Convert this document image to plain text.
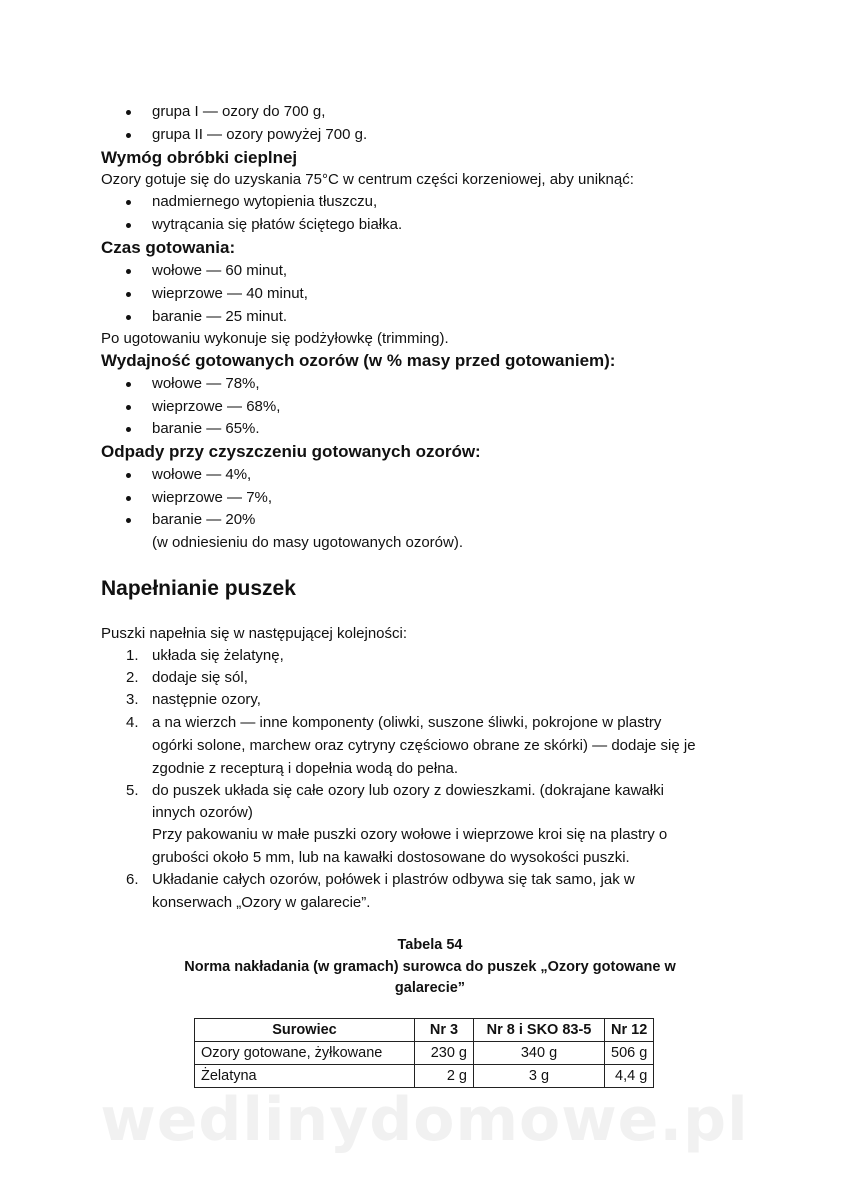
grupa I — ozory do 700 g,
grupa II — ozory powyżej 700 g.
Wymóg obróbki cieplnej
Ozory gotuje się do uzyskania 75°C w centrum części korzeniowej, aby uniknąć:
nadmiernego wytopienia tłuszczu,
wytrącania się płatów ściętego białka.
Czas gotowania:
wołowe — 60 minut,
wieprzowe — 40 minut,
baranie — 25 minut.
Po ugotowaniu wykonuje się podżyłowkę (trimming).
Wydajność gotowanych ozorów (w % masy przed gotowaniem):
wołowe — 78%,
wieprzowe — 68%,
baranie — 65%.
Odpady przy czyszczeniu gotowanych ozorów:
wołowe — 4%,
wieprzowe — 7%,
baranie — 20%
(w odniesieniu do masy ugotowanych ozorów).
Napełnianie puszek
Puszki napełnia się w następującej kolejności:
1. układa się żelatynę,
2. dodaje się sól,
3. następnie ozory,
4. a na wierzch — inne komponenty (oliwki, suszone śliwki, pokrojone w plastry
ogórki solone, marchew oraz cytryny częściowo obrane ze skórki) — dodaje się je
zgodnie z recepturą i dopełnia wodą do pełna.
5. do puszek układa się całe ozory lub ozory z dowieszkami. (dokrajane kawałki
innych ozorów)
Przy pakowaniu w małe puszki ozory wołowe i wieprzowe kroi się na plastry o
grubości około 5 mm, lub na kawałki dostosowane do wysokości puszki.
6. Układanie całych ozorów, połówek i plastrów odbywa się tak samo, jak w
konserwach „Ozory w galarecie”.
Tabela 54
Norma nakładania (w gramach) surowca do puszek „Ozory gotowane w
galarecie”
Surowiec	Nr 3	Nr 8 i SKO 83-5	Nr 12
Ozory gotowane, żyłkowane	230 g	340 g	506 g
Żelatyna	2 g	3 g	4,4 g
wedlinydomowe.pl
